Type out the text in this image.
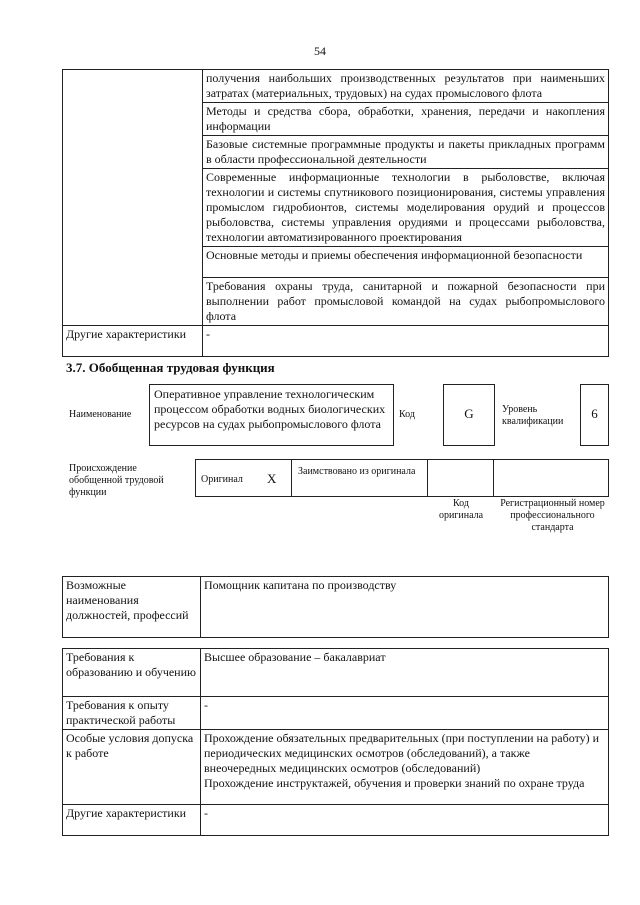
54
	получения наибольших производственных результатов при наименьших затратах (материальных, трудовых) на судах промыслового флота
	Методы и средства сбора, обработки, хранения, передачи и накопления информации
	Базовые системные программные продукты и пакеты прикладных программ в области профессиональной деятельности
	Современные информационные технологии в рыболовстве, включая технологии и системы спутникового позиционирования, системы управления промыслом гидробионтов, системы моделирования орудий и процессов рыболовства, системы управления орудиями и процессами рыболовства, технологии автоматизированного проектирования
	Основные методы и приемы обеспечения информационной безопасности
	Требования охраны труда, санитарной и пожарной безопасности при выполнении работ промысловой командой на судах рыбопромыслового флота
Другие характеристики	-
3.7. Обобщенная трудовая функция
Наименование
Оперативное управление технологическим процессом обработки водных биологических ресурсов на судах рыбопромыслового флота
Код	G	Уровень квалификации
6
Происхождение обобщенной трудовой функции
Оригинал X Заимствовано из оригинала
Код оригинала
Регистрационный номер профессионального стандарта
Возможные наименования должностей, профессий	Помощник капитана по производству
Требования к образованию и обучению	Высшее образование – бакалавриат
Требования к опыту практической работы	-
Особые условия допуска к работе	Прохождение обязательных предварительных (при поступлении на работу) и периодических медицинских осмотров (обследований), а также внеочередных медицинских осмотров (обследований)
Прохождение инструктажей, обучения и проверки знаний по охране труда

Другие характеристики	-
